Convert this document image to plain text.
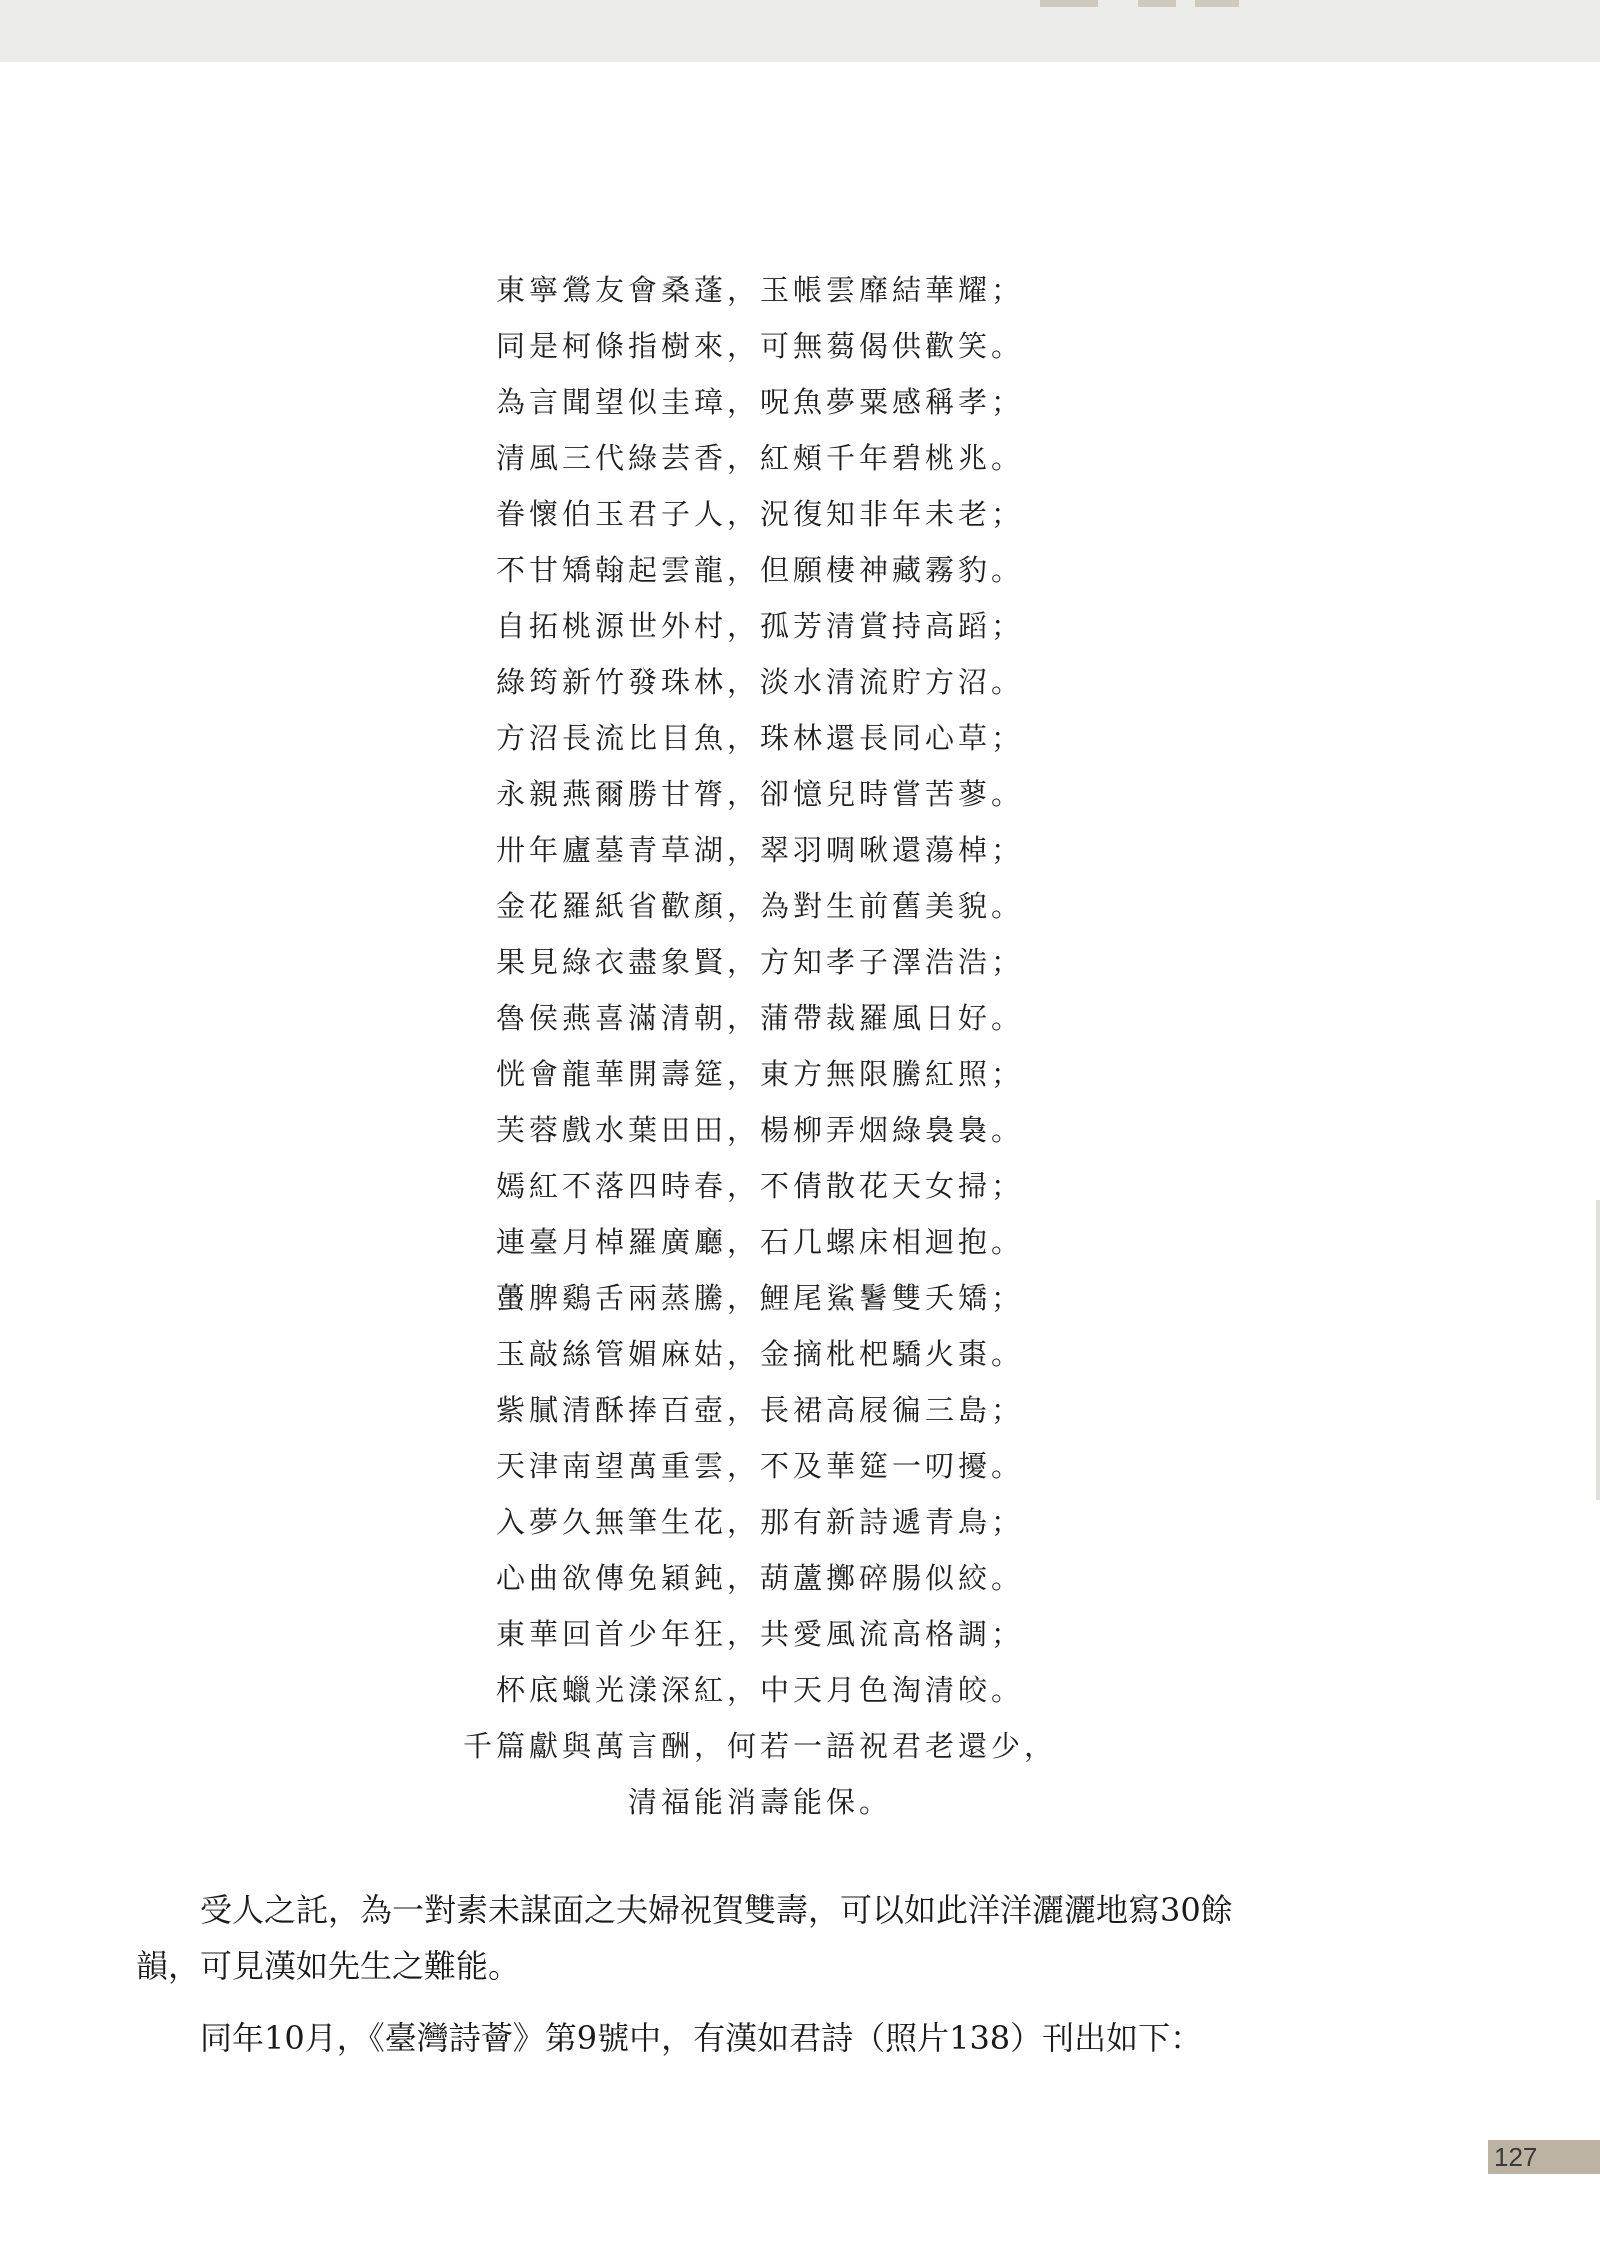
東寧鶯友會桑蓬，玉帳雲靡結華耀；
同是柯條指樹來，可無蒭偈供歡笑。
為言聞望似圭璋，呪魚夢粟感稱孝；
清風三代綠芸香，紅頰千年碧桃兆。
眷懷伯玉君子人，況復知非年未老；
不甘矯翰起雲龍，但願棲神藏霧豹。
自拓桃源世外村，孤芳清賞持高蹈；
綠筠新竹發珠林，淡水清流貯方沼。
方沼長流比目魚，珠林還長同心草；
永親燕爾勝甘膂，卻憶兒時嘗苦蓼。
卅年廬墓青草湖，翠羽啁啾還蕩棹；
金花羅紙省歡顏，為對生前舊美貌。
果見綠衣盡象賢，方知孝子澤浩浩；
魯侯燕喜滿清朝，蒲帶裁羅風日好。
恍會龍華開壽筵，東方無限騰紅照；
芙蓉戲水葉田田，楊柳弄烟綠裊裊。
嫣紅不落四時春，不倩散花天女掃；
連臺月棹羅廣廳，石几螺床相迴抱。
蠆脾鷄舌兩蒸騰，鯉尾鯊鬐雙夭矯；
玉敲絲管媚麻姑，金摘枇杷驕火棗。
紫膩清酥捧百壺，長裙高屐徧三島；
天津南望萬重雲，不及華筵一叨擾。
入夢久無筆生花，那有新詩遞青鳥；
心曲欲傳免穎鈍，葫蘆擲碎腸似絞。
東華回首少年狂，共愛風流高格調；
杯底蠟光漾深紅，中天月色淘清皎。
千篇獻與萬言酬，何若一語祝君老還少，
清福能消壽能保。
受人之託，為一對素未謀面之夫婦祝賀雙壽，可以如此洋洋灑灑地寫30餘
韻，可見漢如先生之難能。
同年10月，《臺灣詩薈》第9號中，有漢如君詩（照片138）刊出如下：
127
